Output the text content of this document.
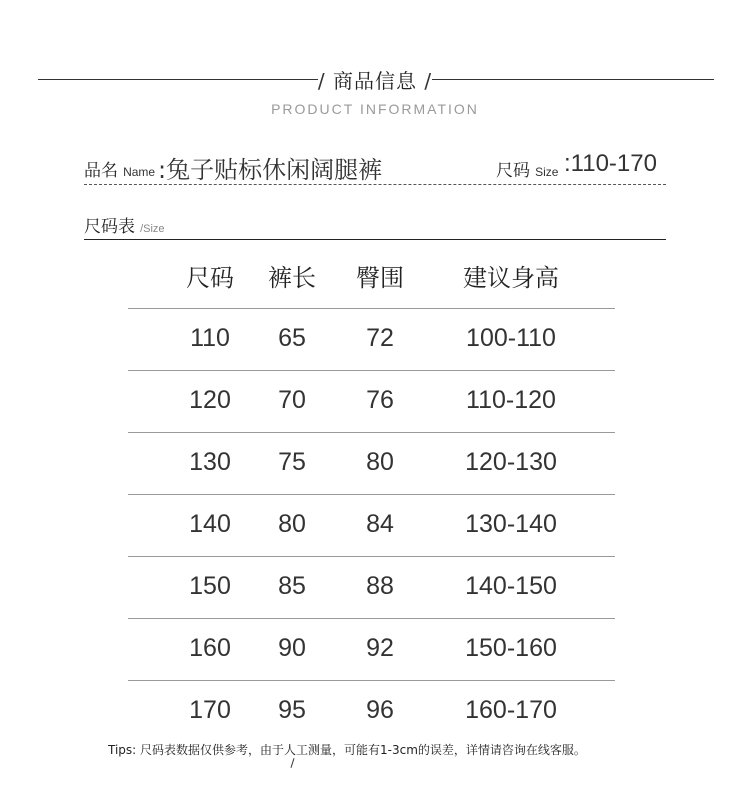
/ 商品信息 /
PRODUCT INFORMATION
品名 Name :兔子贴标休闲阔腿裤	尺码 Size :110-170
尺码表 /Size
尺码	裤长	臀围	建议身高
110	65	72	100-110
120	70	76	110-120
130	75	80	120-130
140	80	84	130-140
150	85	88	140-150
160	90	92	150-160
170	95	96	160-170
Tips: 尺码表数据仅供参考，由于人工测量，可能有1-3cm的误差，详情请咨询在线客服。
